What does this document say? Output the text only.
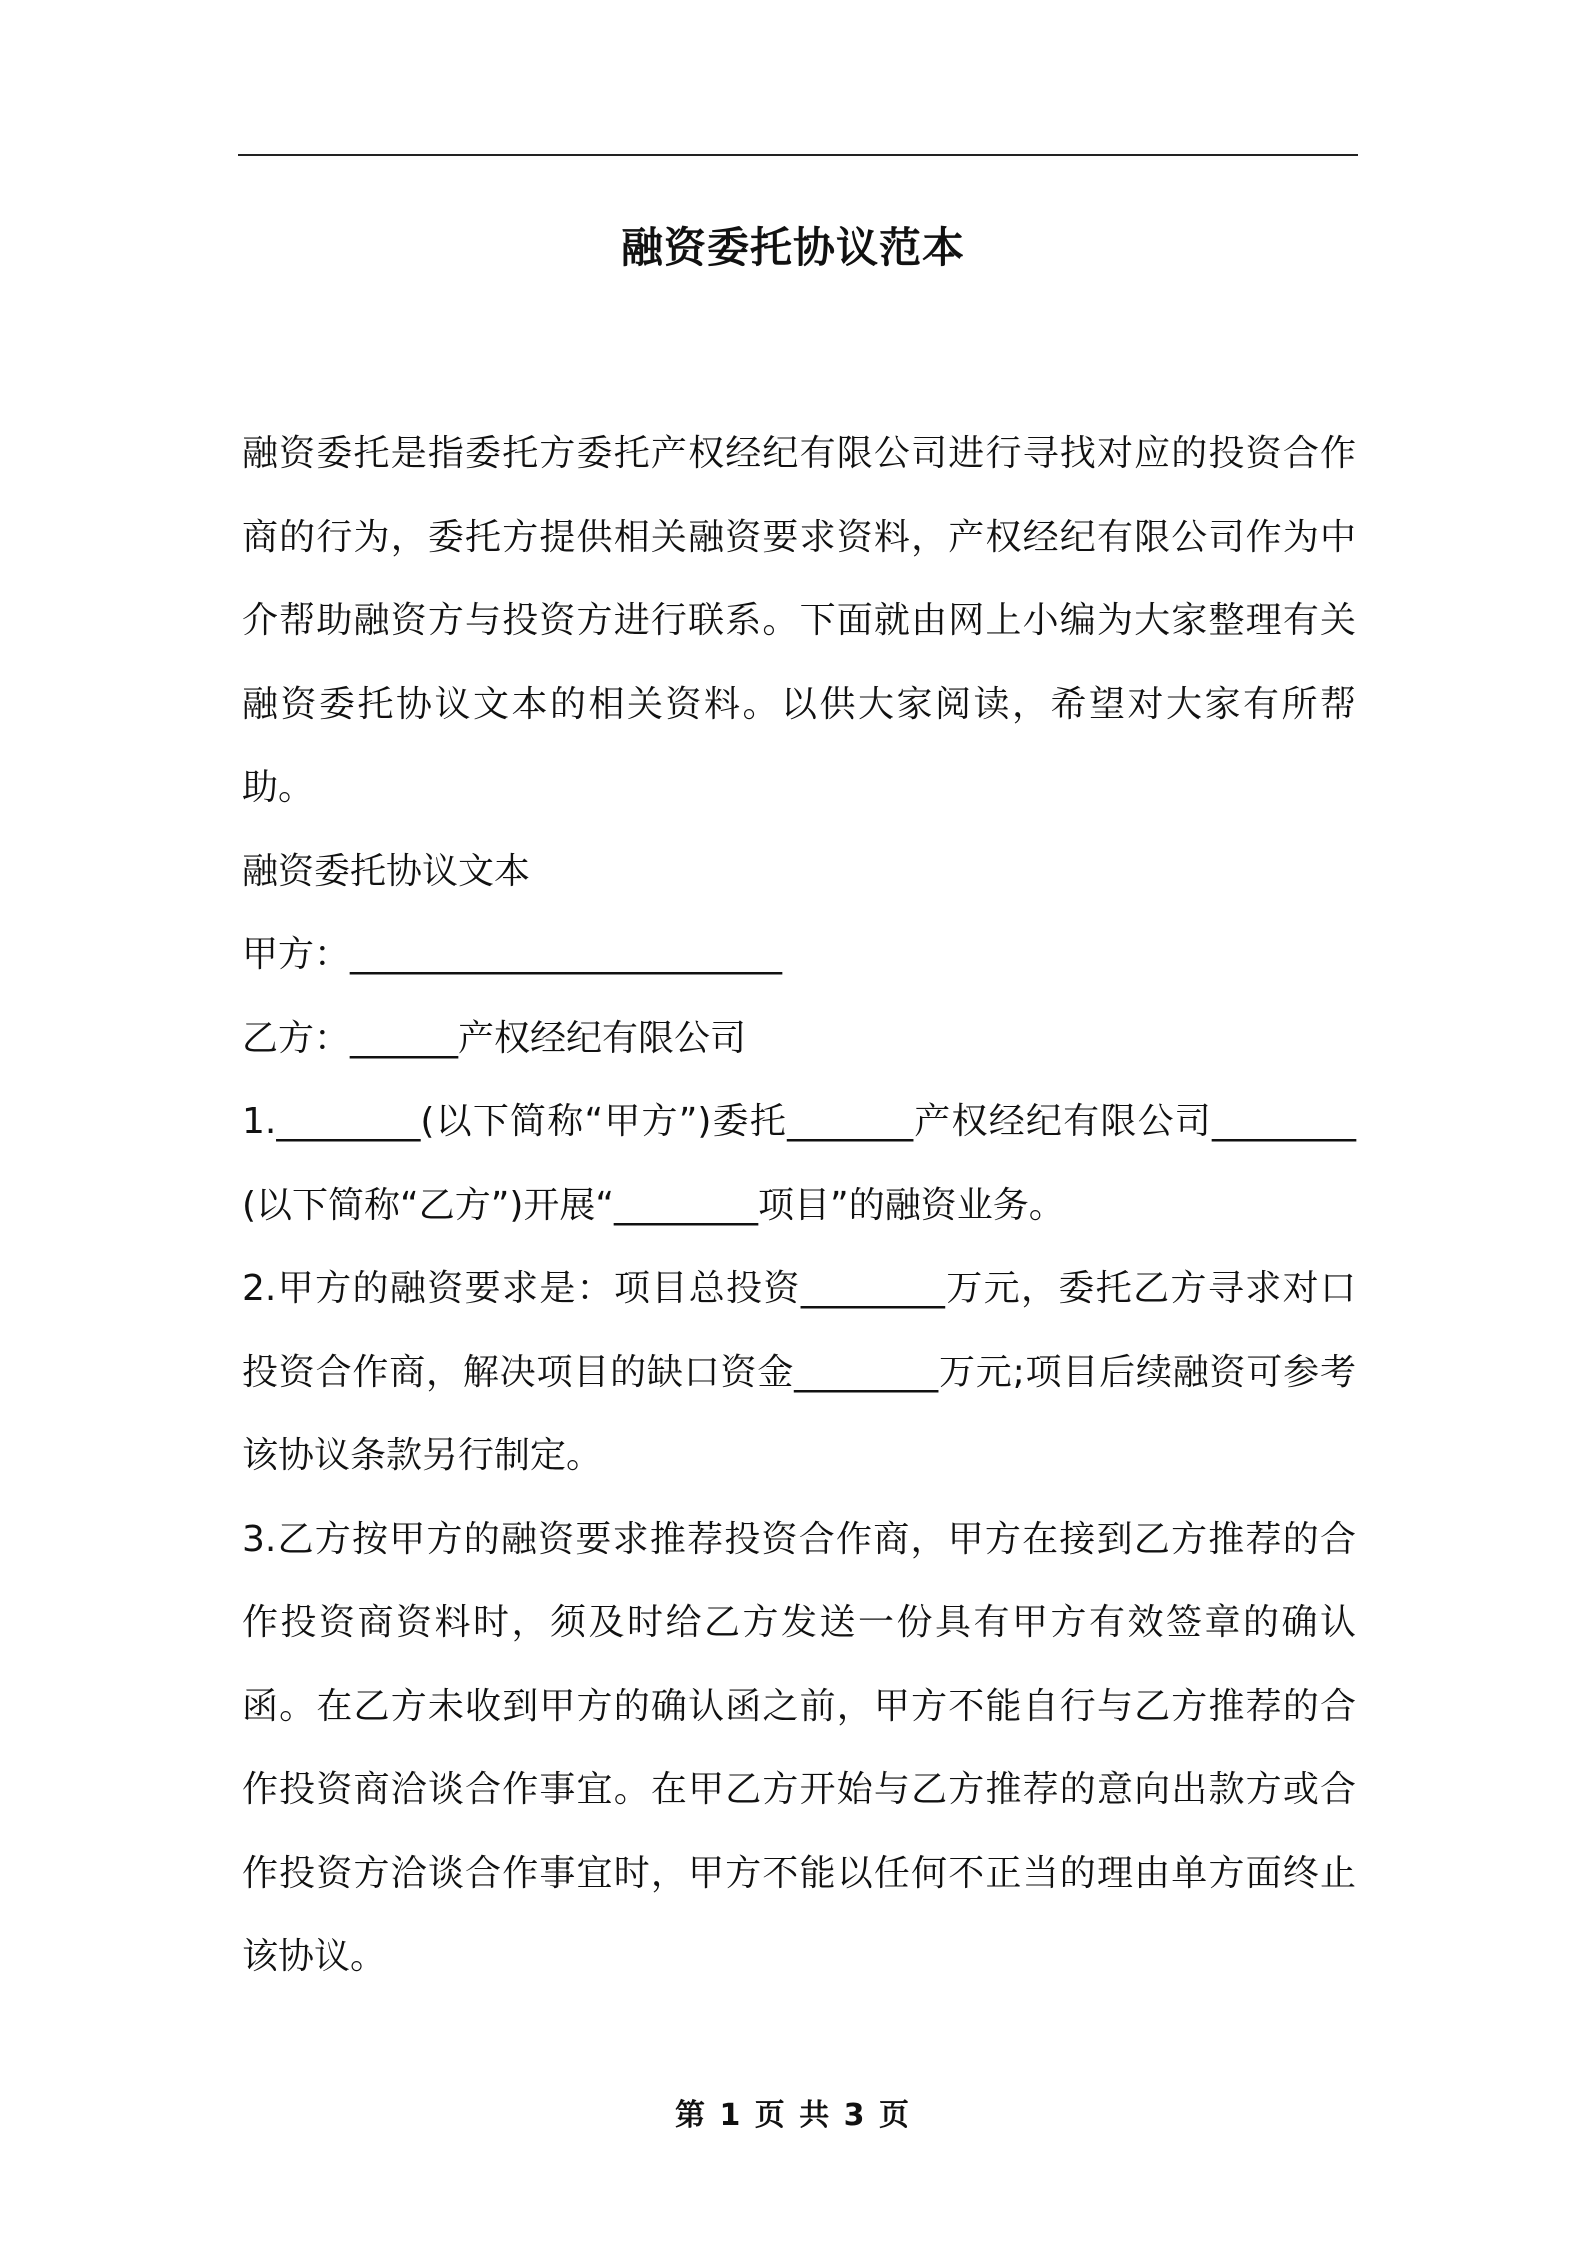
融资委托协议范本

融资委托是指委托方委托产权经纪有限公司进行寻找对应的投资合作商的行为，委托方提供相关融资要求资料，产权经纪有限公司作为中介帮助融资方与投资方进行联系。下面就由网上小编为大家整理有关融资委托协议文本的相关资料。以供大家阅读，希望对大家有所帮助。

融资委托协议文本

甲方：________________________

乙方：______产权经纪有限公司

1.________(以下简称“甲方”)委托_______产权经纪有限公司________(以下简称“乙方”)开展“________项目”的融资业务。

2.甲方的融资要求是：项目总投资________万元，委托乙方寻求对口投资合作商，解决项目的缺口资金________万元;项目后续融资可参考该协议条款另行制定。

3.乙方按甲方的融资要求推荐投资合作商，甲方在接到乙方推荐的合作投资商资料时，须及时给乙方发送一份具有甲方有效签章的确认函。在乙方未收到甲方的确认函之前，甲方不能自行与乙方推荐的合作投资商洽谈合作事宜。在甲乙方开始与乙方推荐的意向出款方或合作投资方洽谈合作事宜时，甲方不能以任何不正当的理由单方面终止该协议。

第 1 页 共 3 页
